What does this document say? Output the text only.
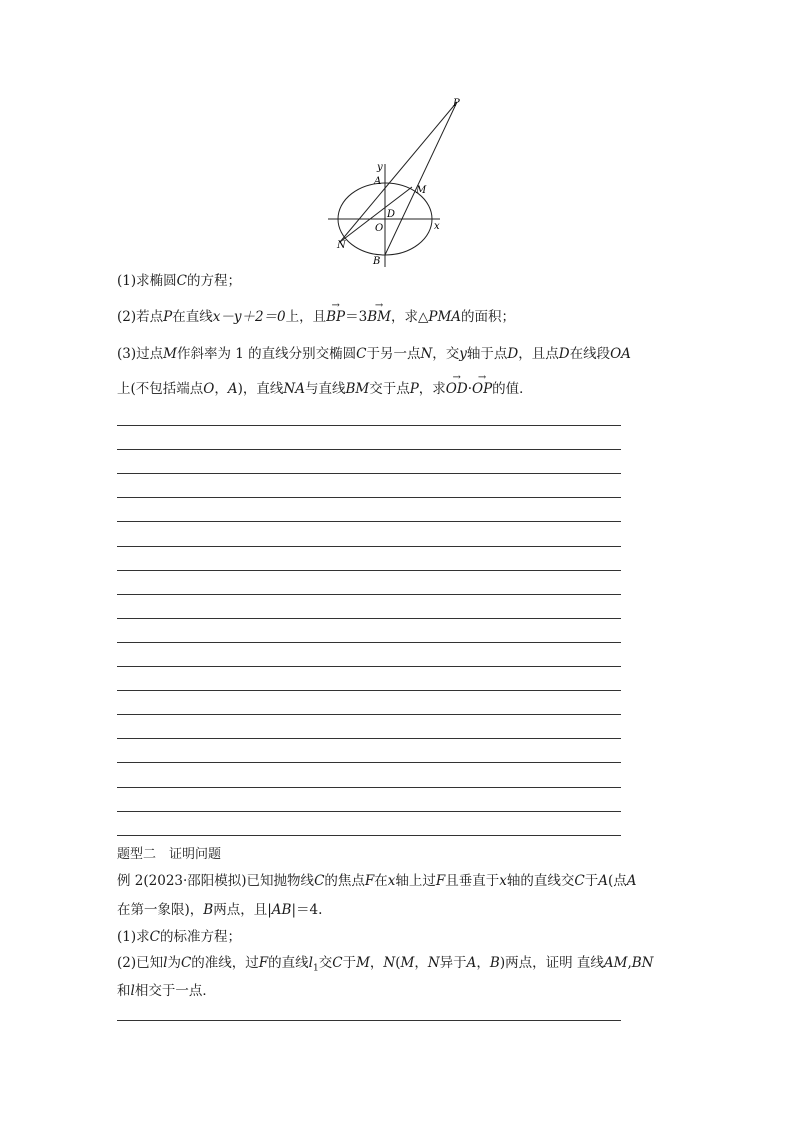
P
y
A
M
D
O	x
N
B
(1)求椭圆C的方程；
(2)若点P在直线x－y＋2＝0上，且→ BP＝3→ BM，求△PMA的面积；
(3)过点M作斜率为 1 的直线分别交椭圆C于另一点N，交y轴于点D，且点D在线段OA
上(不包括端点O，A)，直线NA与直线BM交于点P，求→ OD·→ OP的值．
题型二　证明问题
例 2(2023·邵阳模拟)已知抛物线C的焦点F在x轴上过F且垂直于x轴的直线交C于A(点A
在第一象限)，B两点，且|AB|＝4.
(1)求C的标准方程；
(2)已知l为C的准线，过F的直线$l_1$交C于M，N(M，N异于A，B)两点，证明 直线AM,BN
和l相交于一点．
